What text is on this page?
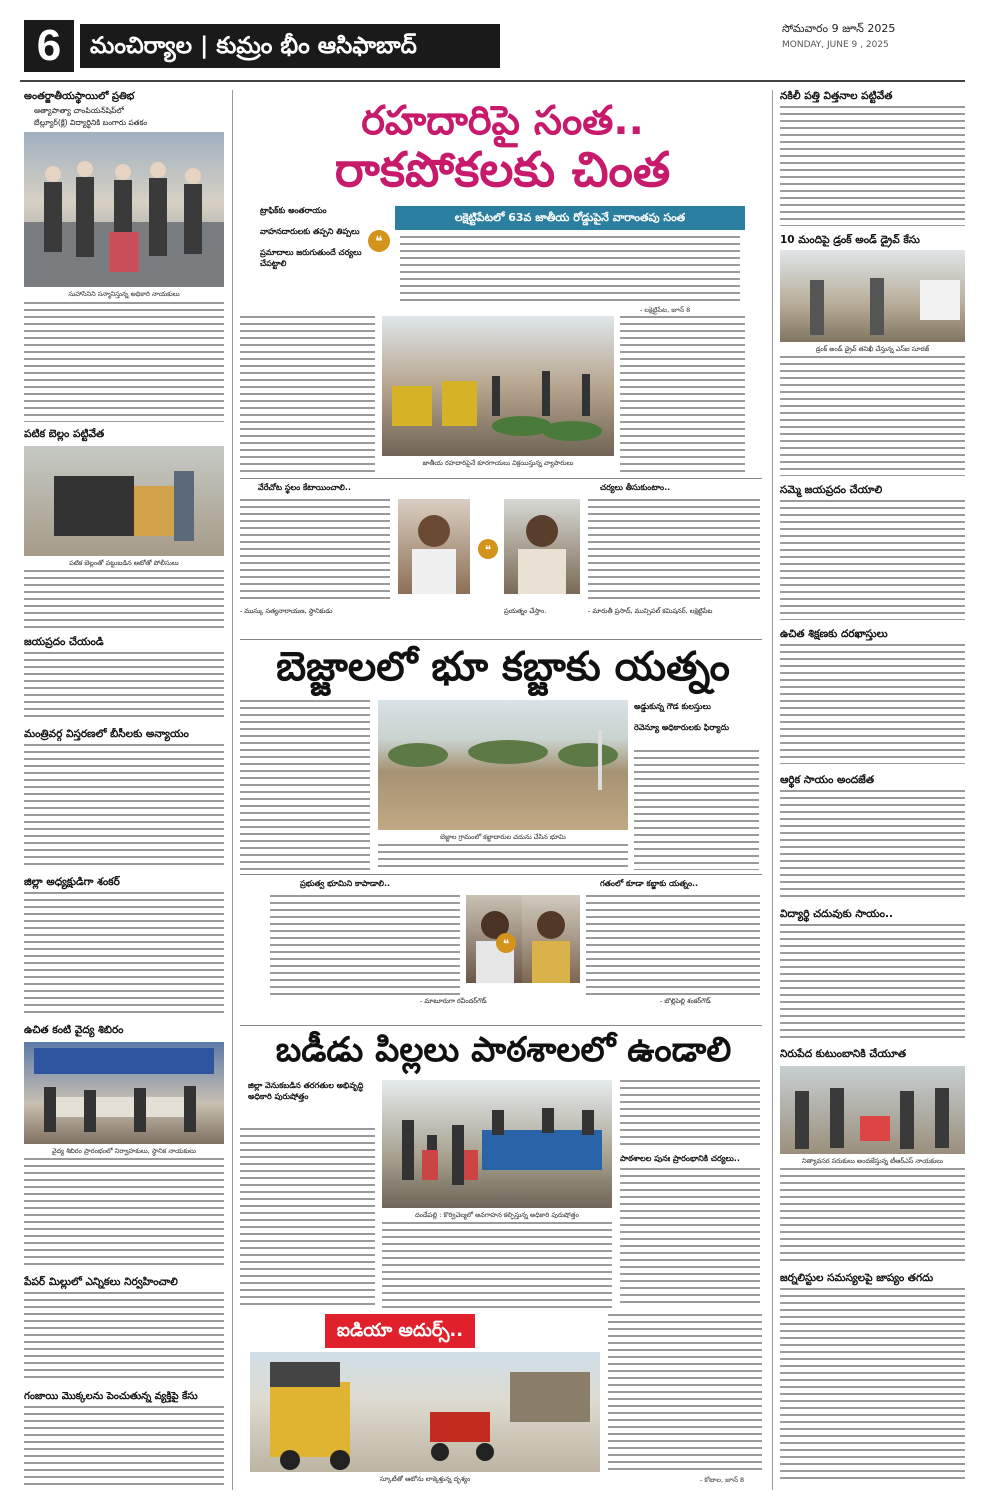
6	మంచిర్యాల | కుమ్రం భీం ఆసిఫాబాద్
సోమవారం 9 జూన్ 2025
MONDAY, JUNE 9 , 2025
అంతర్జాతీయస్థాయిలో ప్రతిభ
ఆత్యాపాత్యా చాంపియన్‌షిప్‌లో
బేల్ల్యూర్(క్లే) విద్యార్థినికి బంగారు పతకం
సుహాసినిని సన్మానిస్తున్న అధికారి నాయకులు
పటిక బెల్లం పట్టివేత
పటిక బెల్లంతో పట్టుబడిన ఆటోతో పోలీసులు
జయప్రదం చేయండి
మంత్రివర్గ విస్తరణలో బీసీలకు అన్యాయం
జిల్లా అధ్యక్షుడిగా శంకర్
ఉచిత కంటి వైద్య శిబిరం
వైద్య శిబిరం ప్రారంభంలో నిర్వాహకులు, స్థానిక నాయకులు
పేపర్ మిల్లులో ఎన్నికలు నిర్వహించాలి
గంజాయి మొక్కలను పెంచుతున్న వ్యక్తిపై కేసు
రహదారిపై సంత..
రాకపోకలకు చింత
ట్రాఫిక్‌కు అంతరాయం
వాహనదారులకు తప్పని తిప్పలు
ప్రమాదాలు జరుగుతుందే చర్యలు చేపట్టాలి
❝
లక్షెట్టిపేటలో 63వ జాతీయ రోడ్డుపైనే వారాంతపు సంత
- లక్షెట్టిపేట, జూన్ 8
జాతీయ రహదారిపైనే కూరగాయలు విక్రయిస్తున్న వ్యాపారులు
వేరేచోట స్థలం కేటాయించాలి..
- ముస్కు సత్యనారాయణ, స్థానికుడు
❝
ప్రయత్నం చేస్తాం.
చర్యలు తీసుకుంటాం..
- మారుతీ ప్రసాద్, మున్సిపల్ కమిషనర్, లక్షెట్టిపేట
బెజ్జాలలో భూ కబ్జాకు యత్నం
బెజ్జాల గ్రామంలో కబ్జాదారుల చదును చేసిన భూమి
అడ్డుకున్న గౌడ కులస్తులు
రెవెన్యూ అధికారులకు ఫిర్యాదు
ప్రభుత్వ భూమిని కాపాడాలి..
- మాటూరుగా రవీందర్‌గౌడ్
❝
గతంలో కూడా కబ్జాకు యత్నం..
- బొల్లిపెల్లి శంకర్‌గౌడ్
బడీడు పిల్లలు పాఠశాలలో ఉండాలి
జిల్లా వెనుకబడిన తరగతుల అభివృద్ధి అధికారి పురుషోత్తం
దండేపల్లి : కొర్విచెల్మలో అవగాహన కల్పిస్తున్న అధికారి పురుషోత్తం
పాఠశాలల పునః ప్రారంభానికి చర్యలు..
ఐడియా అదుర్స్..
స్కూటీతో ఆటోను లాక్కెళ్తున్న దృశ్యం	- కోటాల, జూన్ 8
నకిలీ పత్తి విత్తనాల పట్టివేత
10 మందిపై డ్రంక్ అండ్ డ్రైవ్ కేసు
డ్రంక్ అండ్ డ్రైవ్ తనిఖీ చేస్తున్న ఎస్ఐ సూరజ్
సమ్మె జయప్రదం చేయాలి
ఉచిత శిక్షణకు దరఖాస్తులు
ఆర్థిక సాయం అందజేత
విద్యార్థి చదువుకు సాయం..
నిరుపేద కుటుంబానికి చేయూత
నిత్యావసర సరుకులు అందజేస్తున్న టీఆర్ఎస్ నాయకులు
జర్నలిస్టుల సమస్యలపై జాప్యం తగదు
